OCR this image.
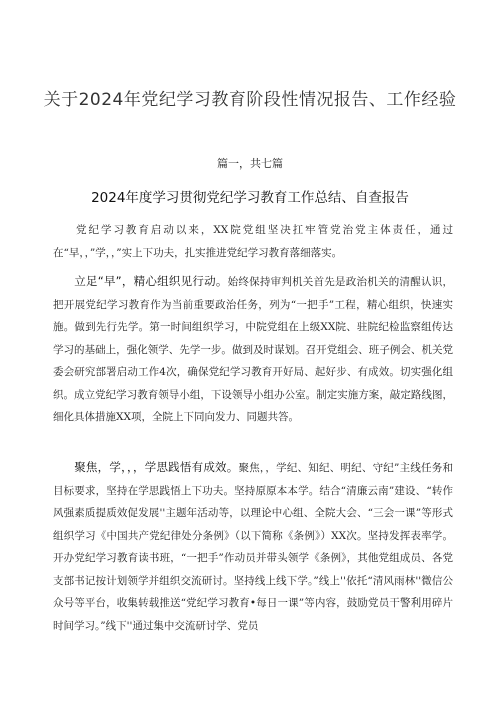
关于2024年党纪学习教育阶段性情况报告、工作经验
篇一，共七篇
2024年度学习贯彻党纪学习教育工作总结、自查报告
党纪学习教育启动以来，XX院党组坚决扛牢管党治党主体责任，通过在“早，，”学，，”实上下功夫，扎实推进党纪学习教育落细落实。
立足“早”，精心组织见行动。始终保持审判机关首先是政治机关的清醒认识，把开展党纪学习教育作为当前重要政治任务，列为“一把手”工程，精心组织，快速实施。做到先行先学。第一时间组织学习，中院党组在上级XX院、驻院纪检监察组传达学习的基础上，强化领学、先学一步。做到及时谋划。召开党组会、班子例会、机关党委会研究部署启动工作4次，确保党纪学习教育开好局、起好步、有成效。切实强化组织。成立党纪学习教育领导小组，下设领导小组办公室。制定实施方案，敲定路线图，细化具体措施XX项，全院上下同向发力、同题共答。
聚焦，学，，，学思践悟有成效。聚焦，，学纪、知纪、明纪、守纪”主线任务和目标要求，坚持在学思践悟上下功夫。坚持原原本本学。结合“清廉云南”建设、“转作风强素质提质效促发展''主题年活动等，以理论中心组、全院大会、“三会一课”等形式组织学习《中国共产党纪律处分条例》（以下简称《条例》）XX次。坚持发挥表率学。开办党纪学习教育读书班，“一把手”作动员并带头领学《条例》，其他党组成员、各党支部书记按计划领学并组织交流研讨。坚持线上线下学。”线上''依托“清风雨林''微信公众号等平台，收集转载推送“党纪学习教育•每日一课”等内容，鼓励党员干警利用碎片时间学习。”线下''通过集中交流研讨学、党员
